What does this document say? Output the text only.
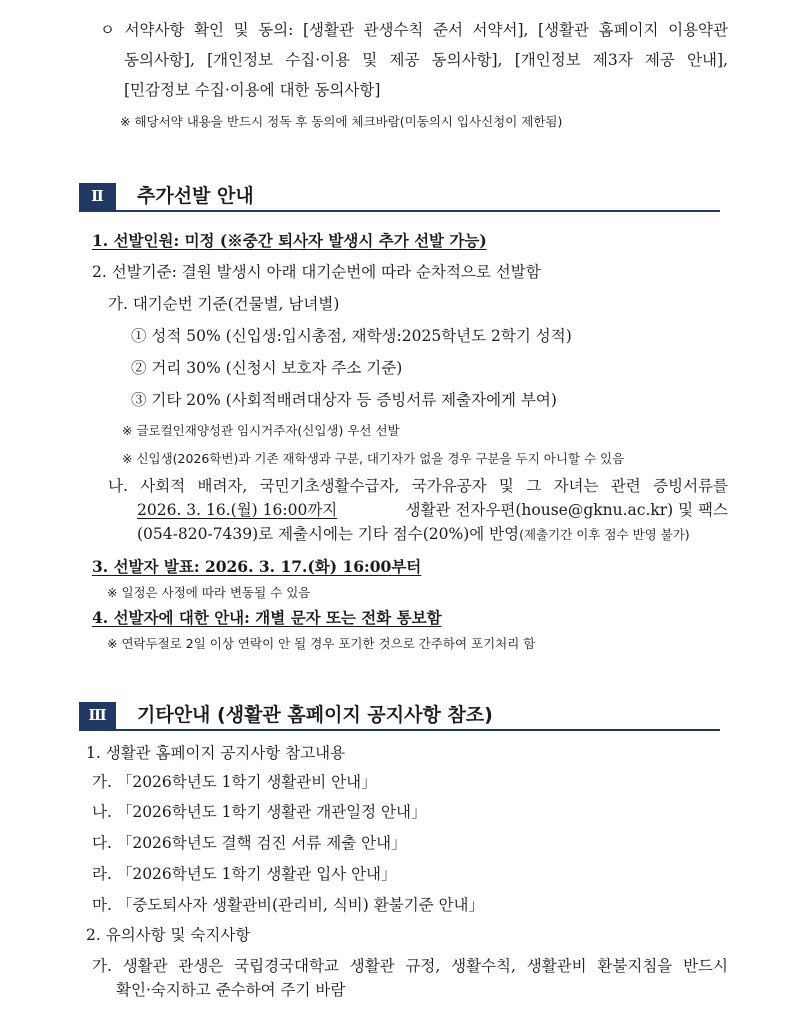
ㅇ 서약사항 확인 및 동의: [생활관 관생수칙 준서 서약서], [생활관 홈페이지 이용약관
동의사항], [개인정보 수집·이용 및 제공 동의사항], [개인정보 제3자 제공 안내],
[민감정보 수집·이용에 대한 동의사항]
※ 해당서약 내용을 반드시 정독 후 동의에 체크바람(미동의시 입사신청이 제한됨)
Ⅱ	추가선발 안내
1. 선발인원: 미정 (※중간 퇴사자 발생시 추가 선발 가능)
2. 선발기준: 결원 발생시 아래 대기순번에 따라 순차적으로 선발함
가. 대기순번 기준(건물별, 남녀별)
① 성적 50% (신입생:입시총점, 재학생:2025학년도 2학기 성적)
② 거리 30% (신청시 보호자 주소 기준)
③ 기타 20% (사회적배려대상자 등 증빙서류 제출자에게 부여)
※ 글로컬인재양성관 임시거주자(신입생) 우선 선발
※ 신입생(2026학번)과 기존 재학생과 구분, 대기자가 없을 경우 구분을 두지 아니할 수 있음
나. 사회적 배려자, 국민기초생활수급자, 국가유공자 및 그 자녀는 관련 증빙서류를
2026. 3. 16.(월) 16:00까지	생활관 전자우편(house@gknu.ac.kr) 및 팩스
(054-820-7439)로 제출시에는 기타 점수(20%)에 반영(제출기간 이후 점수 반영 불가)
3. 선발자 발표: 2026. 3. 17.(화) 16:00부터
※ 일정은 사정에 따라 변동될 수 있음
4. 선발자에 대한 안내: 개별 문자 또는 전화 통보함
※ 연락두절로 2일 이상 연락이 안 될 경우 포기한 것으로 간주하여 포기처리 함
Ⅲ	기타안내 (생활관 홈페이지 공지사항 참조)
1. 생활관 홈페이지 공지사항 참고내용
가. 「2026학년도 1학기 생활관비 안내」
나. 「2026학년도 1학기 생활관 개관일정 안내」
다. 「2026학년도 결핵 검진 서류 제출 안내」
라. 「2026학년도 1학기 생활관 입사 안내」
마. 「중도퇴사자 생활관비(관리비, 식비) 환불기준 안내」
2. 유의사항 및 숙지사항
가. 생활관 관생은 국립경국대학교 생활관 규정, 생활수칙, 생활관비 환불지침을 반드시
확인·숙지하고 준수하여 주기 바람
